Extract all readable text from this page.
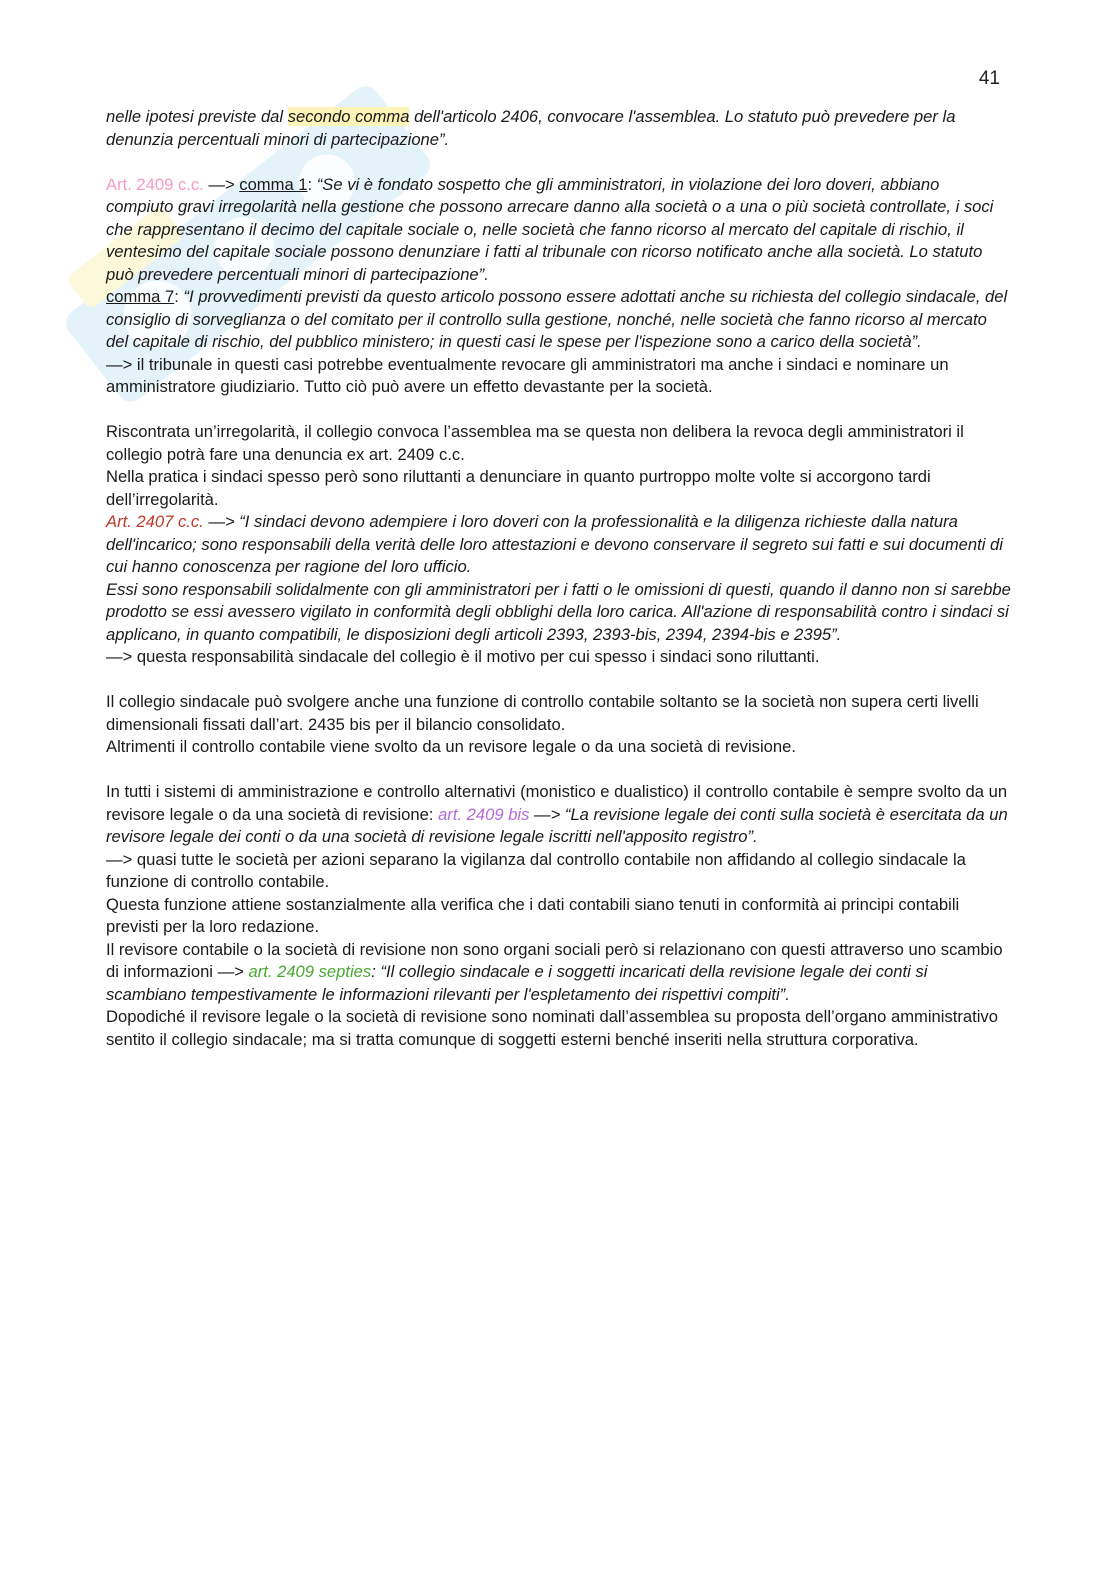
41

nelle ipotesi previste dal secondo comma dell'articolo 2406, convocare l'assemblea. Lo statuto può prevedere per la denunzia percentuali minori di partecipazione”.

Art. 2409 c.c. —> comma 1: “Se vi è fondato sospetto che gli amministratori, in violazione dei loro doveri, abbiano compiuto gravi irregolarità nella gestione che possono arrecare danno alla società o a una o più società controllate, i soci che rappresentano il decimo del capitale sociale o, nelle società che fanno ricorso al mercato del capitale di rischio, il ventesimo del capitale sociale possono denunziare i fatti al tribunale con ricorso notificato anche alla società. Lo statuto può prevedere percentuali minori di partecipazione”.

comma 7: “I provvedimenti previsti da questo articolo possono essere adottati anche su richiesta del collegio sindacale, del consiglio di sorveglianza o del comitato per il controllo sulla gestione, nonché, nelle società che fanno ricorso al mercato del capitale di rischio, del pubblico ministero; in questi casi le spese per l'ispezione sono a carico della società”.

—> il tribunale in questi casi potrebbe eventualmente revocare gli amministratori ma anche i sindaci e nominare un amministratore giudiziario. Tutto ciò può avere un effetto devastante per la società.

Riscontrata un’irregolarità, il collegio convoca l’assemblea ma se questa non delibera la revoca degli amministratori il collegio potrà fare una denuncia ex art. 2409 c.c.

Nella pratica i sindaci spesso però sono riluttanti a denunciare in quanto purtroppo molte volte si accorgono tardi dell’irregolarità.

Art. 2407 c.c. —> “I sindaci devono adempiere i loro doveri con la professionalità e la diligenza richieste dalla natura dell'incarico; sono responsabili della verità delle loro attestazioni e devono conservare il segreto sui fatti e sui documenti di cui hanno conoscenza per ragione del loro ufficio.

Essi sono responsabili solidalmente con gli amministratori per i fatti o le omissioni di questi, quando il danno non si sarebbe prodotto se essi avessero vigilato in conformità degli obblighi della loro carica. All'azione di responsabilità contro i sindaci si applicano, in quanto compatibili, le disposizioni degli articoli 2393, 2393-bis, 2394, 2394-bis e 2395”.

—> questa responsabilità sindacale del collegio è il motivo per cui spesso i sindaci sono riluttanti.

Il collegio sindacale può svolgere anche una funzione di controllo contabile soltanto se la società non supera certi livelli dimensionali fissati dall’art. 2435 bis per il bilancio consolidato.

Altrimenti il controllo contabile viene svolto da un revisore legale o da una società di revisione.

In tutti i sistemi di amministrazione e controllo alternativi (monistico e dualistico) il controllo contabile è sempre svolto da un revisore legale o da una società di revisione: art. 2409 bis —> “La revisione legale dei conti sulla società è esercitata da un revisore legale dei conti o da una società di revisione legale iscritti nell'apposito registro”.

—> quasi tutte le società per azioni separano la vigilanza dal controllo contabile non affidando al collegio sindacale la funzione di controllo contabile.

Questa funzione attiene sostanzialmente alla verifica che i dati contabili siano tenuti in conformità ai principi contabili previsti per la loro redazione.

Il revisore contabile o la società di revisione non sono organi sociali però si relazionano con questi attraverso uno scambio di informazioni —> art. 2409 septies: “Il collegio sindacale e i soggetti incaricati della revisione legale dei conti si scambiano tempestivamente le informazioni rilevanti per l'espletamento dei rispettivi compiti”.

Dopodiché il revisore legale o la società di revisione sono nominati dall’assemblea su proposta dell’organo amministrativo sentito il collegio sindacale; ma si tratta comunque di soggetti esterni benché inseriti nella struttura corporativa.
